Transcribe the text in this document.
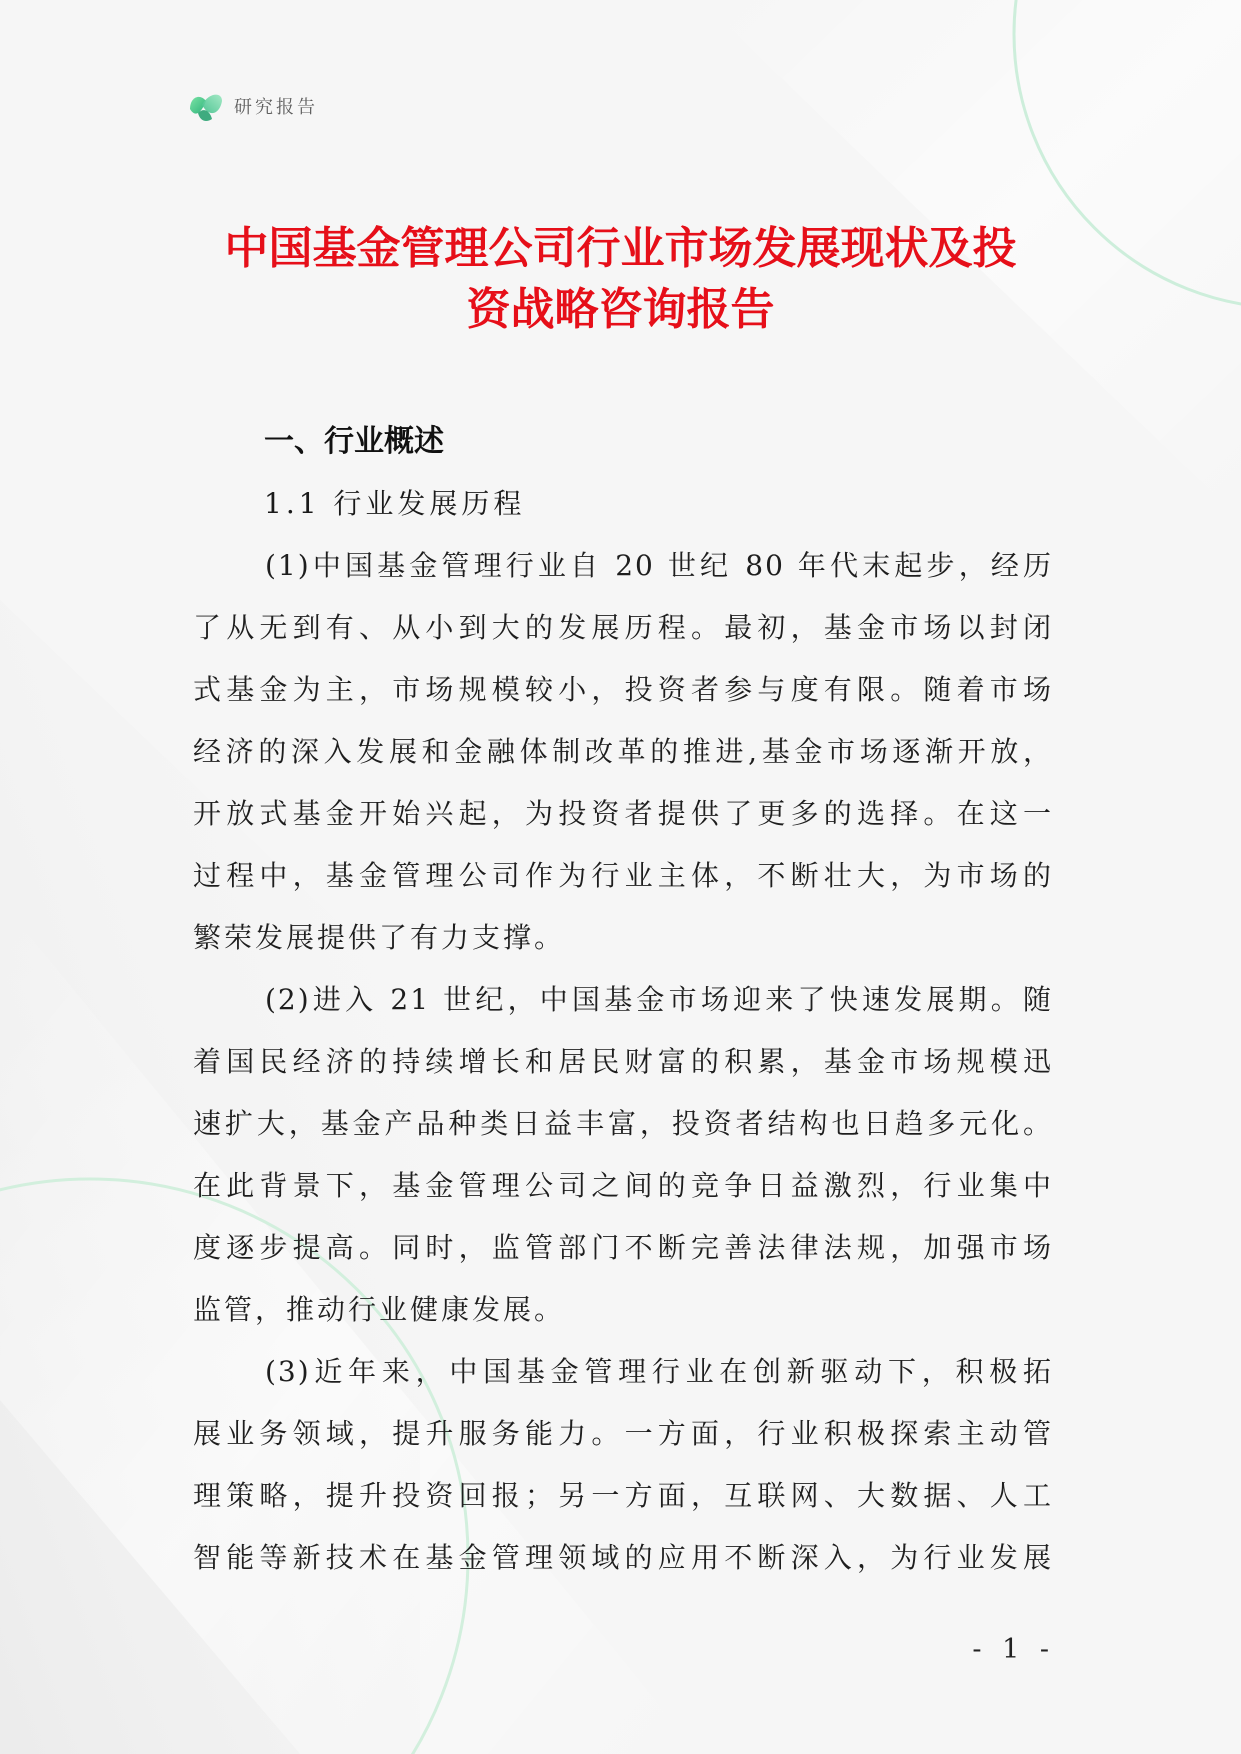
研究报告
中国基金管理公司行业市场发展现状及投
资战略咨询报告
一、行业概述
1.1 行业发展历程
(1)中国基金管理行业自 20 世纪 80 年代末起步，经历
了从无到有、从小到大的发展历程。最初，基金市场以封闭
式基金为主，市场规模较小，投资者参与度有限。随着市场
经济的深入发展和金融体制改革的推进,基金市场逐渐开放，
开放式基金开始兴起，为投资者提供了更多的选择。在这一
过程中，基金管理公司作为行业主体，不断壮大，为市场的
繁荣发展提供了有力支撑。
(2)进入 21 世纪，中国基金市场迎来了快速发展期。随
着国民经济的持续增长和居民财富的积累，基金市场规模迅
速扩大，基金产品种类日益丰富，投资者结构也日趋多元化。
在此背景下，基金管理公司之间的竞争日益激烈，行业集中
度逐步提高。同时，监管部门不断完善法律法规，加强市场
监管，推动行业健康发展。
(3)近年来，中国基金管理行业在创新驱动下，积极拓
展业务领域，提升服务能力。一方面，行业积极探索主动管
理策略，提升投资回报；另一方面，互联网、大数据、人工
智能等新技术在基金管理领域的应用不断深入，为行业发展
- 1 -
